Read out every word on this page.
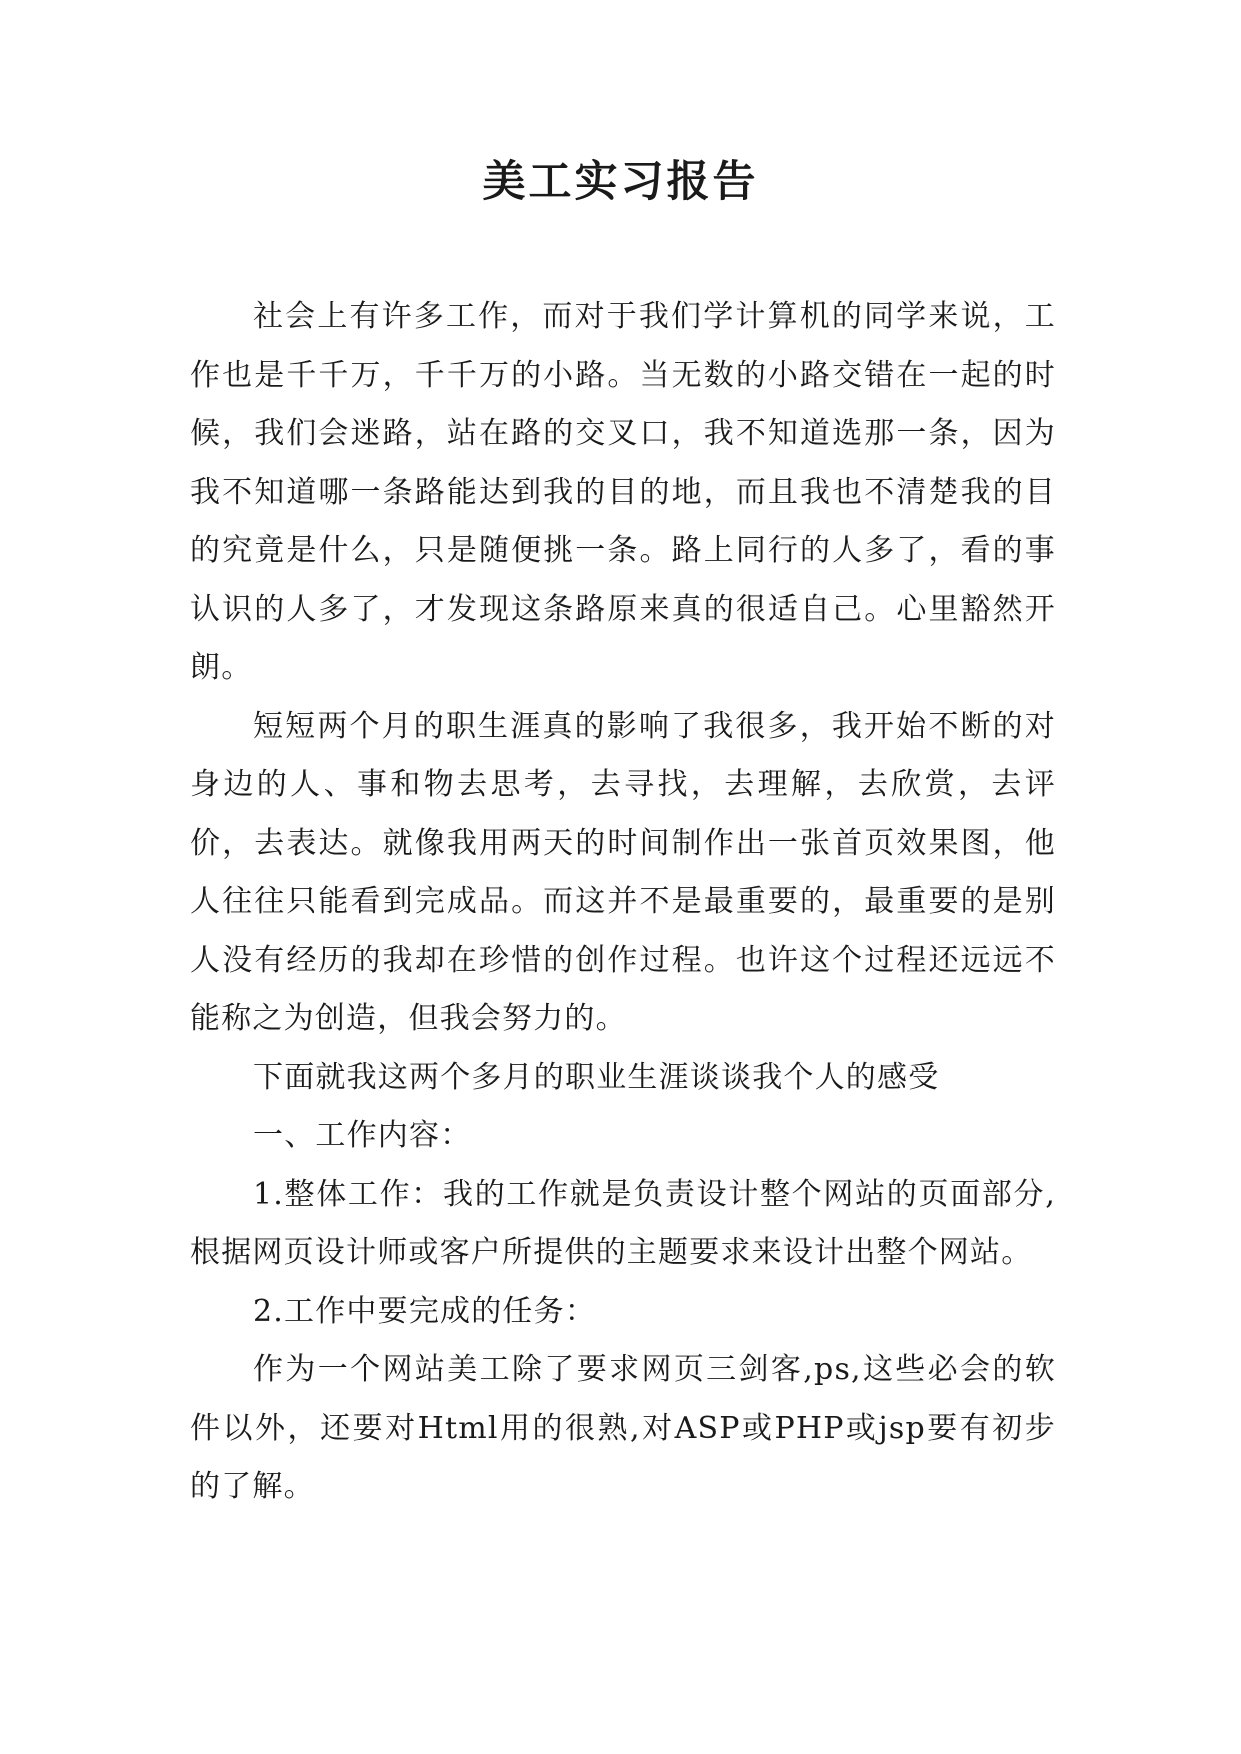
美工实习报告

社会上有许多工作，而对于我们学计算机的同学来说，工作也是千千万，千千万的小路。当无数的小路交错在一起的时候，我们会迷路，站在路的交叉口，我不知道选那一条，因为我不知道哪一条路能达到我的目的地，而且我也不清楚我的目的究竟是什么，只是随便挑一条。路上同行的人多了，看的事认识的人多了，才发现这条路原来真的很适自己。心里豁然开朗。

短短两个月的职生涯真的影响了我很多，我开始不断的对身边的人、事和物去思考，去寻找，去理解，去欣赏，去评价，去表达。就像我用两天的时间制作出一张首页效果图，他人往往只能看到完成品。而这并不是最重要的，最重要的是别人没有经历的我却在珍惜的创作过程。也许这个过程还远远不能称之为创造，但我会努力的。

下面就我这两个多月的职业生涯谈谈我个人的感受

一、工作内容：

1.整体工作：我的工作就是负责设计整个网站的页面部分,根据网页设计师或客户所提供的主题要求来设计出整个网站。

2.工作中要完成的任务：

作为一个网站美工除了要求网页三剑客,ps,这些必会的软件以外，还要对Html用的很熟,对ASP或PHP或jsp要有初步的了解。
